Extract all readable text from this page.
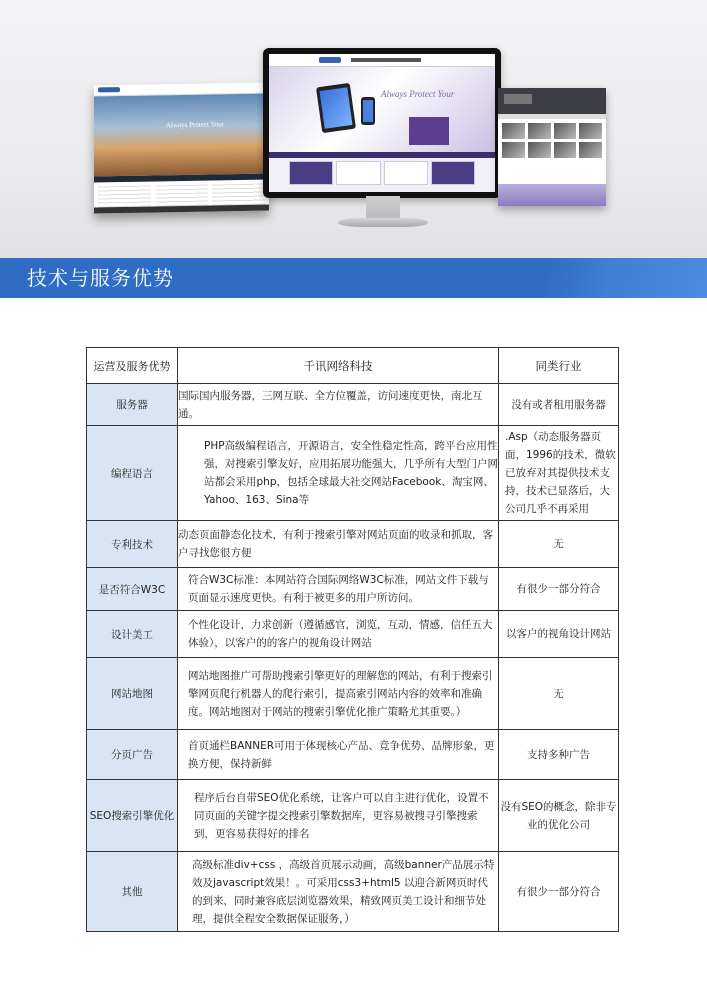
Always Protect Your
Always Protect Your
技术与服务优势
运营及服务优势	千讯网络科技	同类行业
服务器	国际国内服务器，三网互联、全方位覆盖，访问速度更快，南北互通。	没有或者租用服务器
编程语言	PHP高级编程语言，开源语言，安全性稳定性高，跨平台应用性强，对搜索引擎友好，应用拓展功能强大，几乎所有大型门户网站都会采用php，包括全球最大社交网站Facebook、淘宝网、Yahoo、163、Sina等	.Asp（动态服务器页面，1996的技术，微软已放弃对其提供技术支持，技术已显落后，大公司几乎不再采用
专利技术	动态页面静态化技术，有利于搜索引擎对网站页面的收录和抓取，客户寻找您很方便	无
是否符合W3C	符合W3C标准：本网站符合国际网络W3C标准，网站文件下载与页面显示速度更快。有利于被更多的用户所访问。	有很少一部分符合
设计美工	个性化设计，力求创新（遵循感官，浏览，互动，情感，信任五大体验），以客户的的客户的视角设计网站	以客户的视角设计网站
网站地图	网站地图推广可帮助搜索引擎更好的理解您的网站，有利于搜索引擎网页爬行机器人的爬行索引，提高索引网站内容的效率和准确度。网站地图对于网站的搜索引擎优化推广策略尤其重要。）	无
分页广告	首页通栏BANNER可用于体现核心产品、竞争优势、品牌形象，更换方便，保持新鲜	支持多种广告
SEO搜索引擎优化	程序后台自带SEO优化系统，让客户可以自主进行优化，设置不同页面的关键字提交搜索引擎数据库，更容易被搜寻引擎搜索到，更容易获得好的排名	没有SEO的概念，除非专业的优化公司
其他	高级标准div+css ，高级首页展示动画，高级banner产品展示特效及javascript效果！。可采用css3+html5 以迎合新网页时代的到来，同时兼容底层浏览器效果，精致网页美工设计和细节处理，提供全程安全数据保证服务，）	有很少一部分符合
